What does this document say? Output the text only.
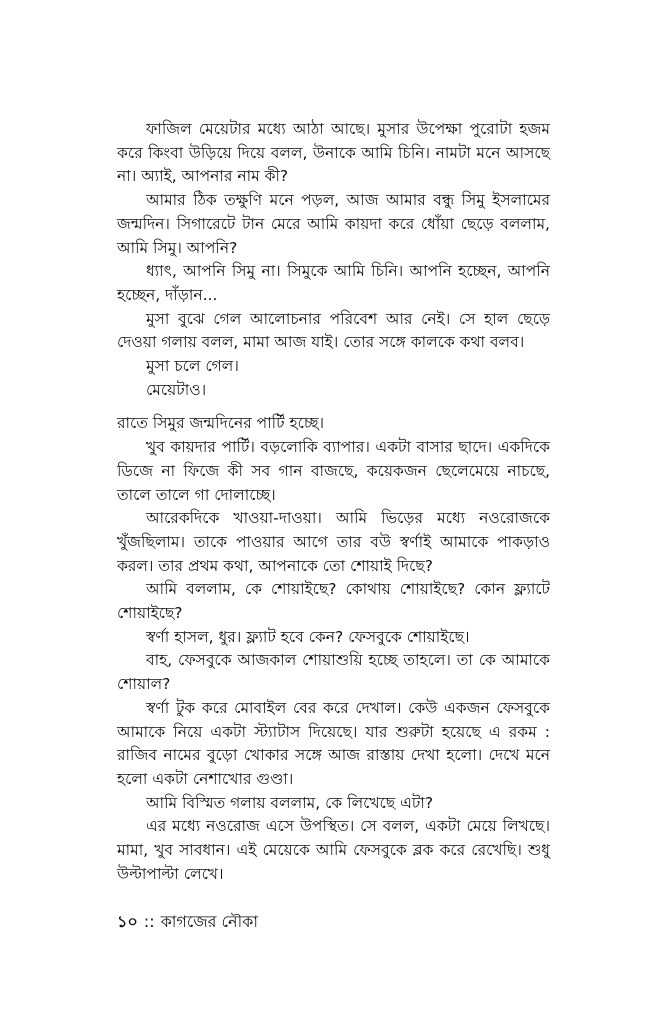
ফাজিল মেয়েটার মধ্যে আঠা আছে। মুসার উপেক্ষা পুরোটা হজম করে কিংবা উড়িয়ে দিয়ে বলল, উনাকে আমি চিনি। নামটা মনে আসছে না। অ্যাই, আপনার নাম কী?

আমার ঠিক তক্ষুণি মনে পড়ল, আজ আমার বন্ধু সিমু ইসলামের জন্মদিন। সিগারেটে টান মেরে আমি কায়দা করে ধোঁয়া ছেড়ে বললাম, আমি সিমু। আপনি?

ধ্যাৎ, আপনি সিমু না। সিমুকে আমি চিনি। আপনি হচ্ছেন, আপনি হচ্ছেন, দাঁড়ান...

মুসা বুঝে গেল আলোচনার পরিবেশ আর নেই। সে হাল ছেড়ে দেওয়া গলায় বলল, মামা আজ যাই। তোর সঙ্গে কালকে কথা বলব।

মুসা চলে গেল।

মেয়েটাও।

রাতে সিমুর জন্মদিনের পার্টি হচ্ছে।

খুব কায়দার পার্টি। বড়লোকি ব্যাপার। একটা বাসার ছাদে। একদিকে ডিজে না ফিজে কী সব গান বাজছে, কয়েকজন ছেলেমেয়ে নাচছে, তালে তালে গা দোলাচ্ছে।

আরেকদিকে খাওয়া-দাওয়া। আমি ভিড়ের মধ্যে নওরোজকে খুঁজছিলাম। তাকে পাওয়ার আগে তার বউ স্বর্ণাই আমাকে পাকড়াও করল। তার প্রথম কথা, আপনাকে তো শোয়াই দিছে?

আমি বললাম, কে শোয়াইছে? কোথায় শোয়াইছে? কোন ফ্ল্যাটে শোয়াইছে?

স্বর্ণা হাসল, ধুর। ফ্ল্যাট হবে কেন? ফেসবুকে শোয়াইছে।

বাহ, ফেসবুকে আজকাল শোয়াশুয়ি হচ্ছে তাহলে। তা কে আমাকে শোয়াল?

স্বর্ণা টুক করে মোবাইল বের করে দেখাল। কেউ একজন ফেসবুকে আমাকে নিয়ে একটা স্ট্যাটাস দিয়েছে। যার শুরুটা হয়েছে এ রকম : রাজিব নামের বুড়ো খোকার সঙ্গে আজ রাস্তায় দেখা হলো। দেখে মনে হলো একটা নেশাখোর গুণ্ডা।

আমি বিস্মিত গলায় বললাম, কে লিখেছে এটা?

এর মধ্যে নওরোজ এসে উপস্থিত। সে বলল, একটা মেয়ে লিখছে। মামা, খুব সাবধান। এই মেয়েকে আমি ফেসবুকে ব্লক করে রেখেছি। শুধু উল্টাপাল্টা লেখে।

১০ :: কাগজের নৌকা
